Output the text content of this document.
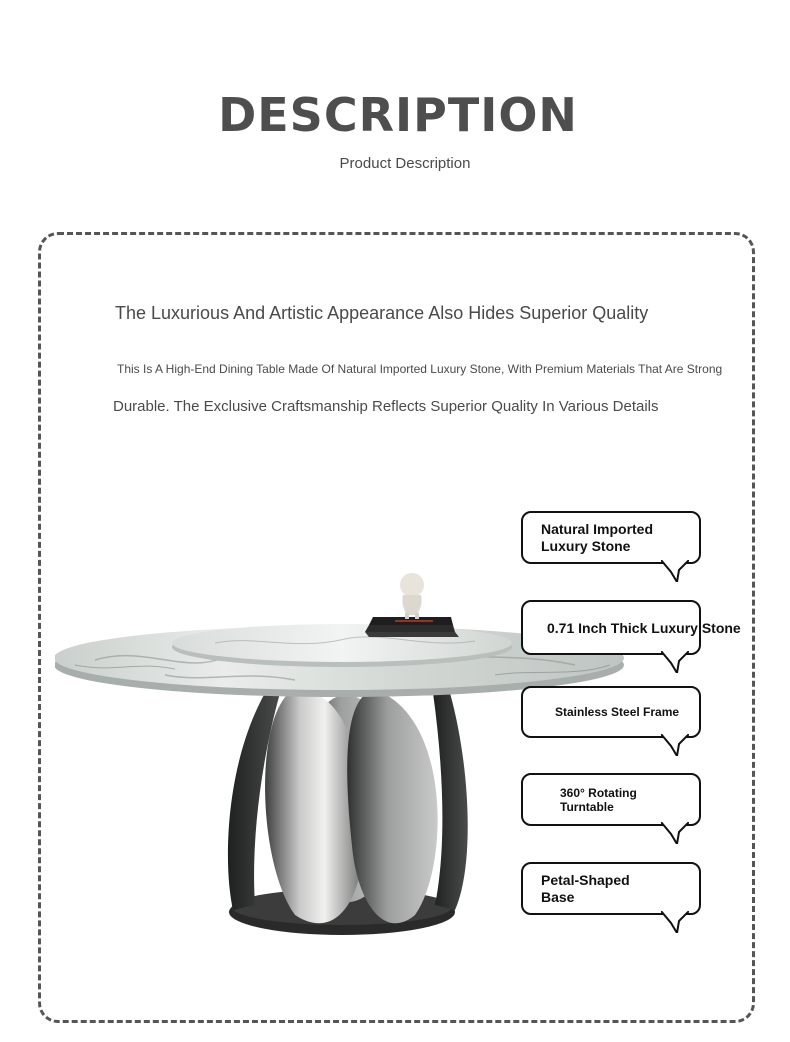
DESCRIPTION
Product Description
The Luxurious And Artistic Appearance Also Hides Superior Quality
This Is A High-End Dining Table Made Of Natural Imported Luxury Stone, With Premium Materials That Are Strong
Durable. The Exclusive Craftsmanship Reflects Superior Quality In Various Details
Natural Imported
Luxury Stone
0.71 Inch Thick Luxury Stone
Stainless Steel Frame
360° Rotating Turntable
Petal-Shaped
Base
